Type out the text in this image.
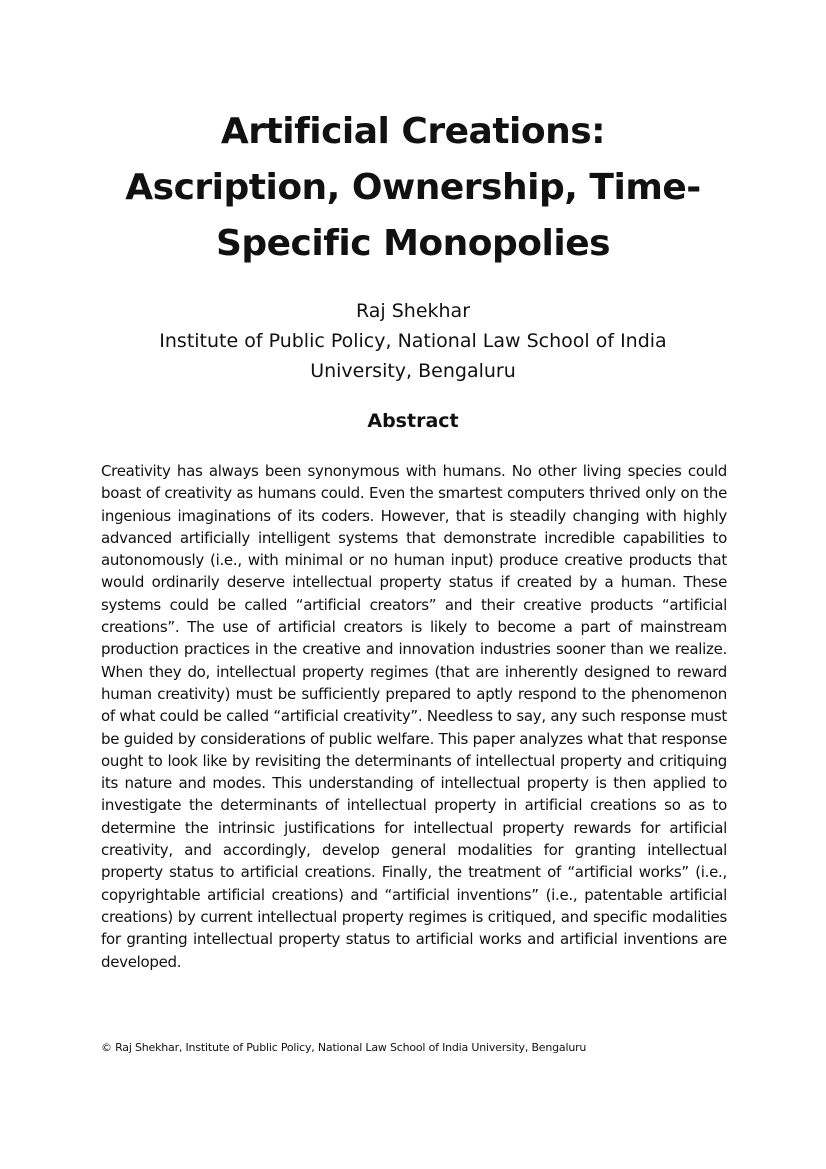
Artificial Creations:
Ascription, Ownership, Time-
Specific Monopolies
Raj Shekhar
Institute of Public Policy, National Law School of India
University, Bengaluru
Abstract

Creativity has always been synonymous with humans. No other living species could boast of creativity as humans could. Even the smartest computers thrived only on the ingenious imaginations of its coders. However, that is steadily changing with highly advanced artificially intelligent systems that demonstrate incredible capabilities to autonomously (i.e., with minimal or no human input) produce creative products that would ordinarily deserve intellectual property status if created by a human. These systems could be called “artificial creators” and their creative products “artificial creations”. The use of artificial creators is likely to become a part of mainstream production practices in the creative and innovation industries sooner than we realize. When they do, intellectual property regimes (that are inherently designed to reward human creativity) must be sufficiently prepared to aptly respond to the phenomenon of what could be called “artificial creativity”. Needless to say, any such response must be guided by considerations of public welfare. This paper analyzes what that response ought to look like by revisiting the determinants of intellectual property and critiquing its nature and modes. This understanding of intellectual property is then applied to investigate the determinants of intellectual property in artificial creations so as to determine the intrinsic justifications for intellectual property rewards for artificial creativity, and accordingly, develop general modalities for granting intellectual property status to artificial creations. Finally, the treatment of “artificial works” (i.e., copyrightable artificial creations) and “artificial inventions” (i.e., patentable artificial creations) by current intellectual property regimes is critiqued, and specific modalities for granting intellectual property status to artificial works and artificial inventions are developed.

© Raj Shekhar, Institute of Public Policy, National Law School of India University, Bengaluru
